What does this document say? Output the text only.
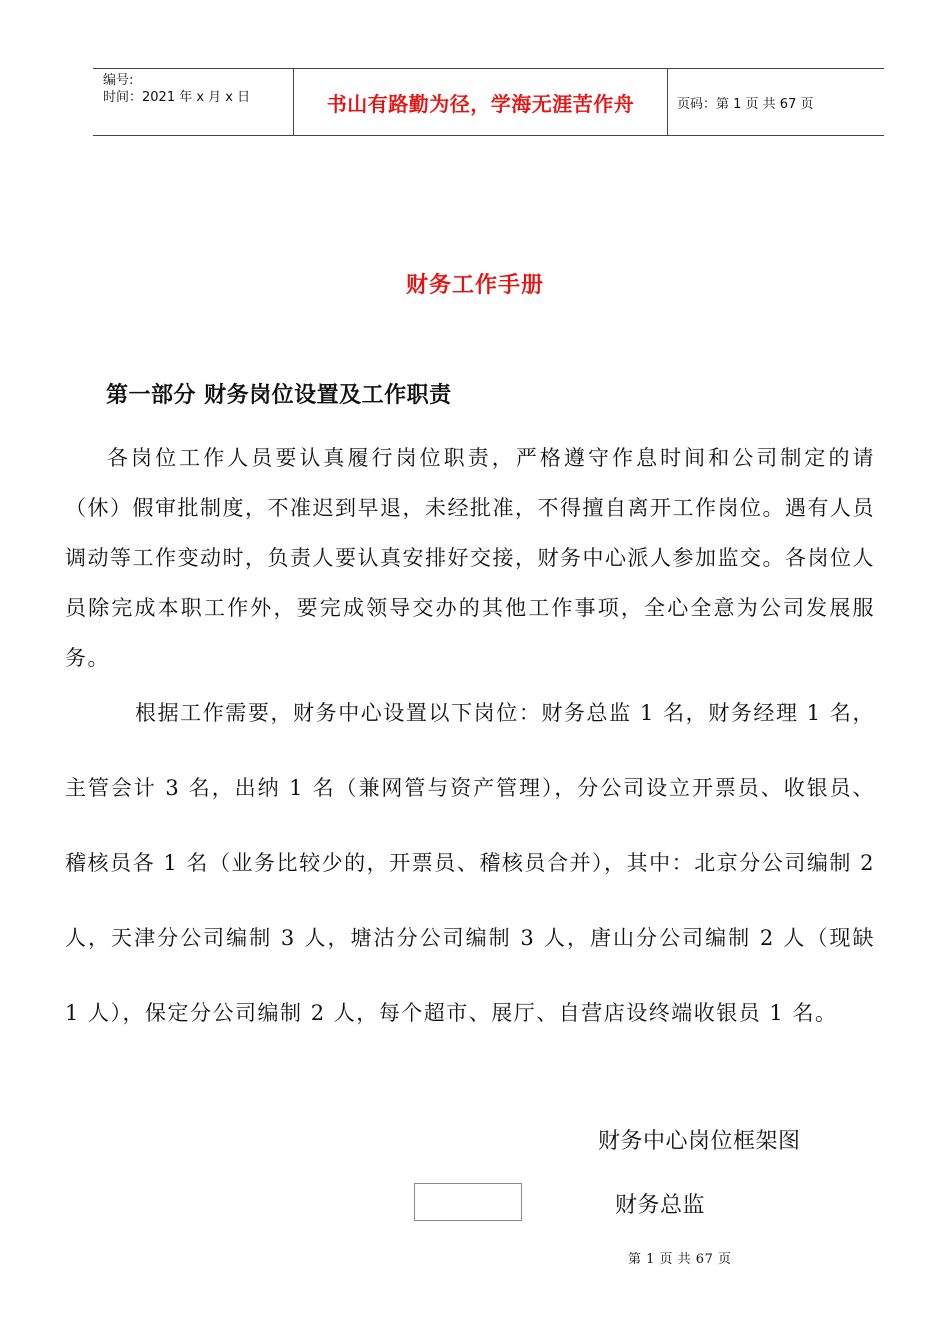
编号:
时间：2021 年 x 月 x 日	书山有路勤为径，学海无涯苦作舟	页码：第 1 页 共 67 页
财务工作手册
第一部分 财务岗位设置及工作职责

各岗位工作人员要认真履行岗位职责，严格遵守作息时间和公司制定的请（休）假审批制度，不准迟到早退，未经批准，不得擅自离开工作岗位。遇有人员调动等工作变动时，负责人要认真安排好交接，财务中心派人参加监交。各岗位人员除完成本职工作外，要完成领导交办的其他工作事项，全心全意为公司发展服务。

根据工作需要，财务中心设置以下岗位：财务总监 1 名，财务经理 1 名，主管会计 3 名，出纳 1 名（兼网管与资产管理），分公司设立开票员、收银员、稽核员各 1 名（业务比较少的，开票员、稽核员合并），其中：北京分公司编制 2 人，天津分公司编制 3 人，塘沽分公司编制 3 人，唐山分公司编制 2 人（现缺 1 人），保定分公司编制 2 人，每个超市、展厅、自营店设终端收银员 1 名。

财务中心岗位框架图
财务总监
第 1 页 共 67 页
